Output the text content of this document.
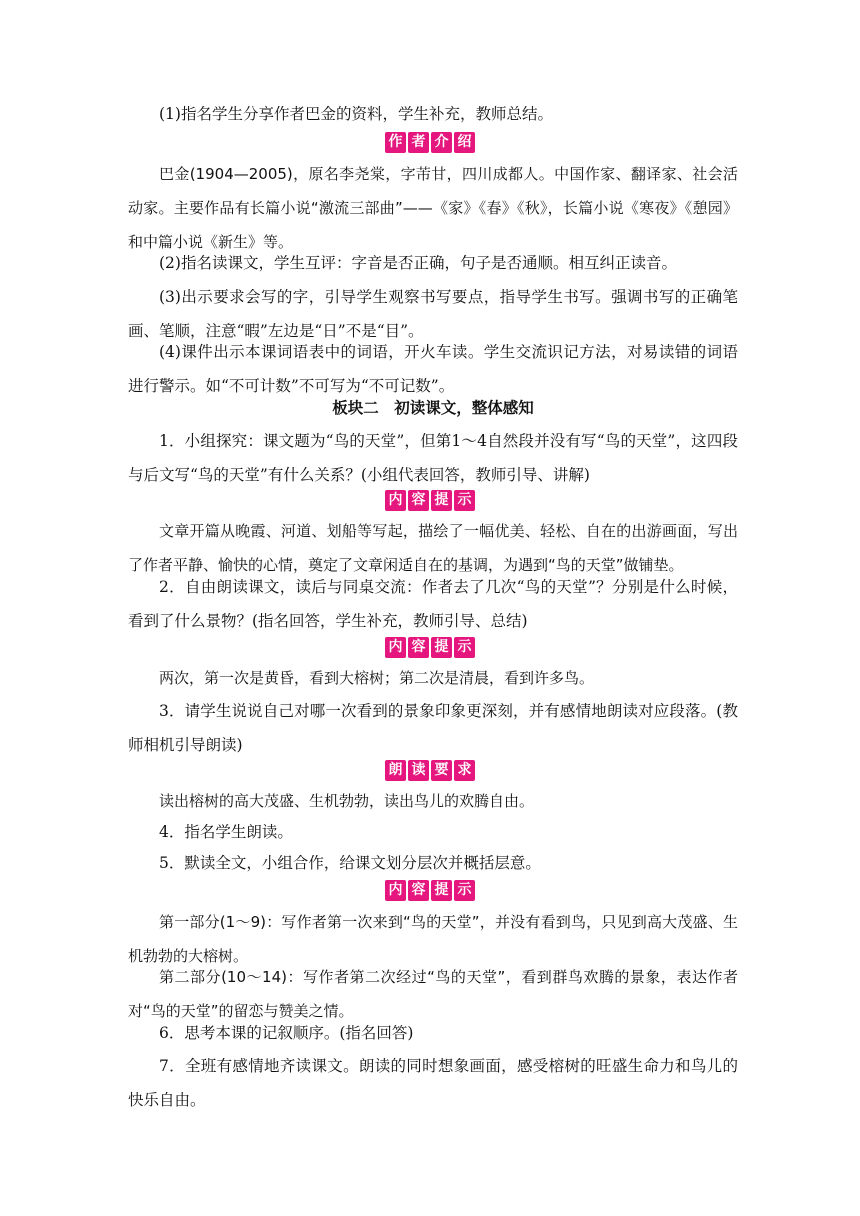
(1)指名学生分享作者巴金的资料，学生补充，教师总结。
作 者 介 绍
巴金(1904—2005)，原名李尧棠，字芾甘，四川成都人。中国作家、翻译家、社会活动家。主要作品有长篇小说“激流三部曲”——《家》《春》《秋》，长篇小说《寒夜》《憩园》和中篇小说《新生》等。
(2)指名读课文，学生互评：字音是否正确，句子是否通顺。相互纠正读音。
(3)出示要求会写的字，引导学生观察书写要点，指导学生书写。强调书写的正确笔画、笔顺，注意“暇”左边是“日”不是“目”。
(4)课件出示本课词语表中的词语，开火车读。学生交流识记方法，对易读错的词语进行警示。如“不可计数”不可写为“不可记数”。
板块二　初读课文，整体感知
1．小组探究：课文题为“鸟的天堂”，但第1～4自然段并没有写“鸟的天堂”，这四段与后文写“鸟的天堂”有什么关系？(小组代表回答，教师引导、讲解)
内 容 提 示
文章开篇从晚霞、河道、划船等写起，描绘了一幅优美、轻松、自在的出游画面，写出了作者平静、愉快的心情，奠定了文章闲适自在的基调，为遇到“鸟的天堂”做铺垫。
2．自由朗读课文，读后与同桌交流：作者去了几次“鸟的天堂”？分别是什么时候，看到了什么景物？(指名回答，学生补充，教师引导、总结)
内 容 提 示
两次，第一次是黄昏，看到大榕树；第二次是清晨，看到许多鸟。
3．请学生说说自己对哪一次看到的景象印象更深刻，并有感情地朗读对应段落。(教师相机引导朗读)
朗 读 要 求
读出榕树的高大茂盛、生机勃勃，读出鸟儿的欢腾自由。
4．指名学生朗读。
5．默读全文，小组合作，给课文划分层次并概括层意。
内 容 提 示
第一部分(1～9)：写作者第一次来到“鸟的天堂”，并没有看到鸟，只见到高大茂盛、生机勃勃的大榕树。
第二部分(10～14)：写作者第二次经过“鸟的天堂”，看到群鸟欢腾的景象，表达作者对“鸟的天堂”的留恋与赞美之情。
6．思考本课的记叙顺序。(指名回答)
7．全班有感情地齐读课文。朗读的同时想象画面，感受榕树的旺盛生命力和鸟儿的快乐自由。
